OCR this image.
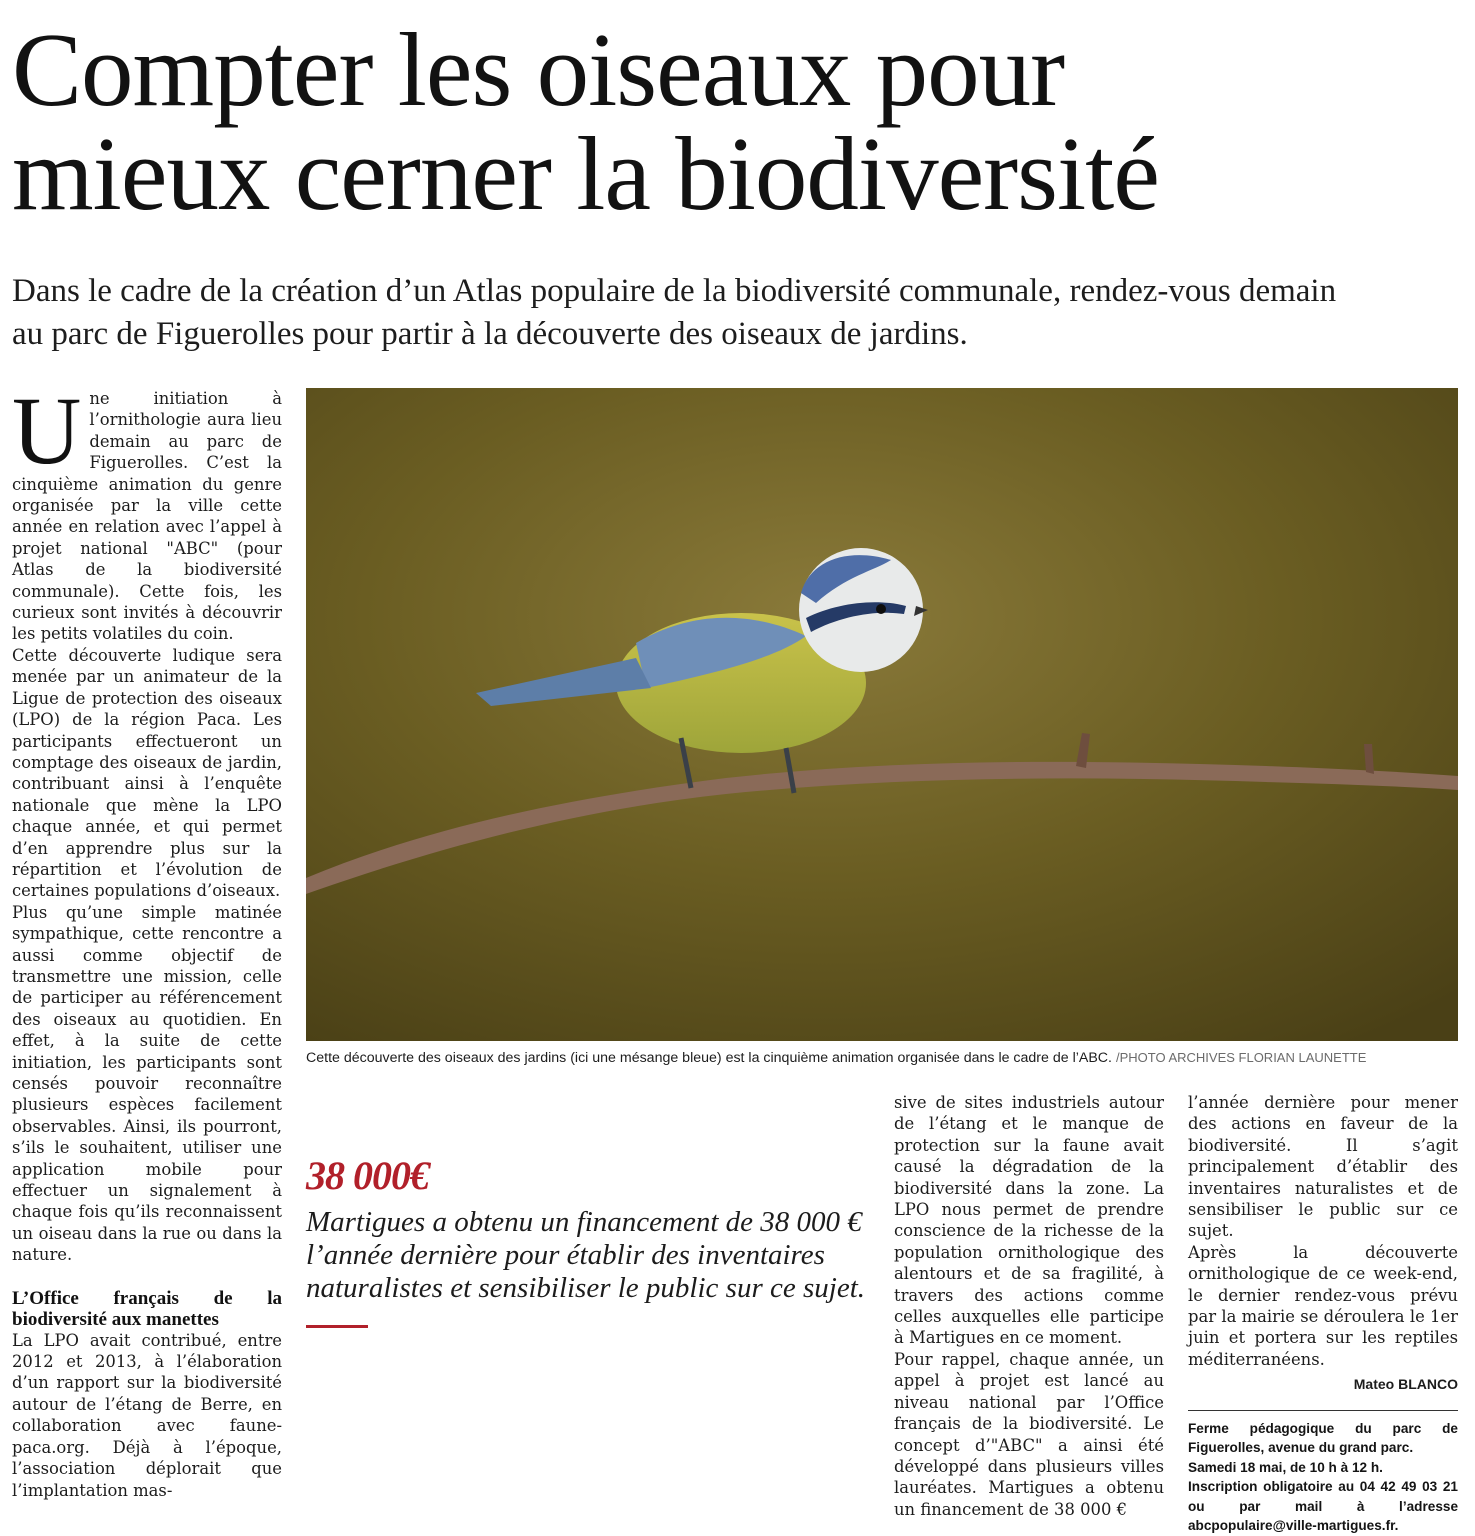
Compter les oiseaux pour
mieux cerner la biodiversité

Dans le cadre de la création d’un Atlas populaire de la biodiversité communale, rendez-vous demain
au parc de Figuerolles pour partir à la découverte des oiseaux de jardins.

Une initiation à l’ornithologie aura lieu demain au parc de Figuerolles. C’est la cinquième animation du genre organisée par la ville cette année en relation avec l’appel à projet national "ABC" (pour Atlas de la biodiversité communale). Cette fois, les curieux sont invités à découvrir les petits volatiles du coin.

Cette découverte ludique sera menée par un animateur de la Ligue de protection des oiseaux (LPO) de la région Paca. Les participants effectueront un comptage des oiseaux de jardin, contribuant ainsi à l’enquête nationale que mène la LPO chaque année, et qui permet d’en apprendre plus sur la répartition et l’évolution de certaines populations d’oiseaux.

Plus qu’une simple matinée sympathique, cette rencontre a aussi comme objectif de transmettre une mission, celle de participer au référencement des oiseaux au quotidien. En effet, à la suite de cette initiation, les participants sont censés pouvoir reconnaître plusieurs espèces facilement observables. Ainsi, ils pourront, s’ils le souhaitent, utiliser une application mobile pour effectuer un signalement à chaque fois qu’ils reconnaissent un oiseau dans la rue ou dans la nature.

L’Office français de la biodiversité aux manettes

La LPO avait contribué, entre 2012 et 2013, à l’élaboration d’un rapport sur la biodiversité autour de l’étang de Berre, en collaboration avec faune-paca.org. Déjà à l’époque, l’association déplorait que l’implantation mas-

Cette découverte des oiseaux des jardins (ici une mésange bleue) est la cinquième animation organisée dans le cadre de l’ABC. /PHOTO ARCHIVES FLORIAN LAUNETTE
38 000€
Martigues a obtenu un financement de 38 000 € l’année dernière pour établir des inventaires naturalistes et sensibiliser le public sur ce sujet.

sive de sites industriels autour de l’étang et le manque de protection sur la faune avait causé la dégradation de la biodiversité dans la zone. La LPO nous permet de prendre conscience de la richesse de la population ornithologique des alentours et de sa fragilité, à travers des actions comme celles auxquelles elle participe à Martigues en ce moment.

Pour rappel, chaque année, un appel à projet est lancé au niveau national par l’Office français de la biodiversité. Le concept d’"ABC" a ainsi été développé dans plusieurs villes lauréates. Martigues a obtenu un financement de 38 000 €

l’année dernière pour mener des actions en faveur de la biodiversité. Il s’agit principalement d’établir des inventaires naturalistes et de sensibiliser le public sur ce sujet.

Après la découverte ornithologique de ce week-end, le dernier rendez-vous prévu par la mairie se déroulera le 1er juin et portera sur les reptiles méditerranéens.

Mateo BLANCO
Ferme pédagogique du parc de Figuerolles, avenue du grand parc.
Samedi 18 mai, de 10 h à 12 h.
Inscription obligatoire au 04 42 49 03 21 ou par mail à l’adresse abcpopulaire@ville-martigues.fr.
